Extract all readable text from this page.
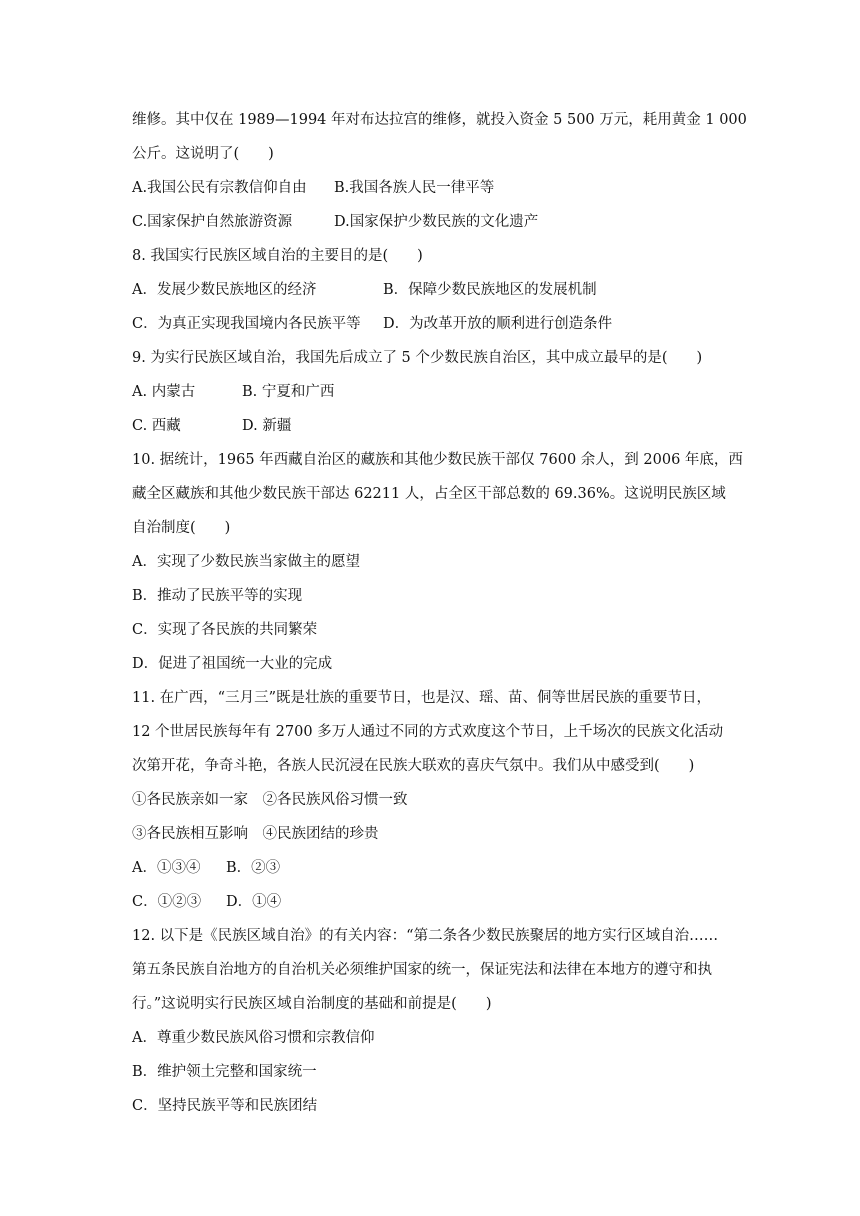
维修。其中仅在 1989—1994 年对布达拉宫的维修，就投入资金 5 500 万元，耗用黄金 1 000
公斤。这说明了(　　)
A.我国公民有宗教信仰自由	B.我国各族人民一律平等
C.国家保护自然旅游资源	D.国家保护少数民族的文化遗产
8. 我国实行民族区域自治的主要目的是(　　)
A．发展少数民族地区的经济	B．保障少数民族地区的发展机制
C．为真正实现我国境内各民族平等	D．为改革开放的顺利进行创造条件
9. 为实行民族区域自治，我国先后成立了 5 个少数民族自治区，其中成立最早的是(　　)
A. 内蒙古	B. 宁夏和广西
C. 西藏	D. 新疆
10. 据统计，1965 年西藏自治区的藏族和其他少数民族干部仅 7600 余人，到 2006 年底，西
藏全区藏族和其他少数民族干部达 62211 人，占全区干部总数的 69.36%。这说明民族区域
自治制度(　　)
A．实现了少数民族当家做主的愿望
B．推动了民族平等的实现
C．实现了各民族的共同繁荣
D．促进了祖国统一大业的完成
11. 在广西，“三月三”既是壮族的重要节日，也是汉、瑶、苗、侗等世居民族的重要节日，
12 个世居民族每年有 2700 多万人通过不同的方式欢度这个节日，上千场次的民族文化活动
次第开花，争奇斗艳，各族人民沉浸在民族大联欢的喜庆气氛中。我们从中感受到(　　)
①各民族亲如一家　②各民族风俗习惯一致
③各民族相互影响　④民族团结的珍贵
A．①③④	B．②③
C．①②③	D．①④
12. 以下是《民族区域自治》的有关内容：“第二条各少数民族聚居的地方实行区域自治……
第五条民族自治地方的自治机关必须维护国家的统一，保证宪法和法律在本地方的遵守和执
行。”这说明实行民族区域自治制度的基础和前提是(　　)
A．尊重少数民族风俗习惯和宗教信仰
B．维护领土完整和国家统一
C．坚持民族平等和民族团结
